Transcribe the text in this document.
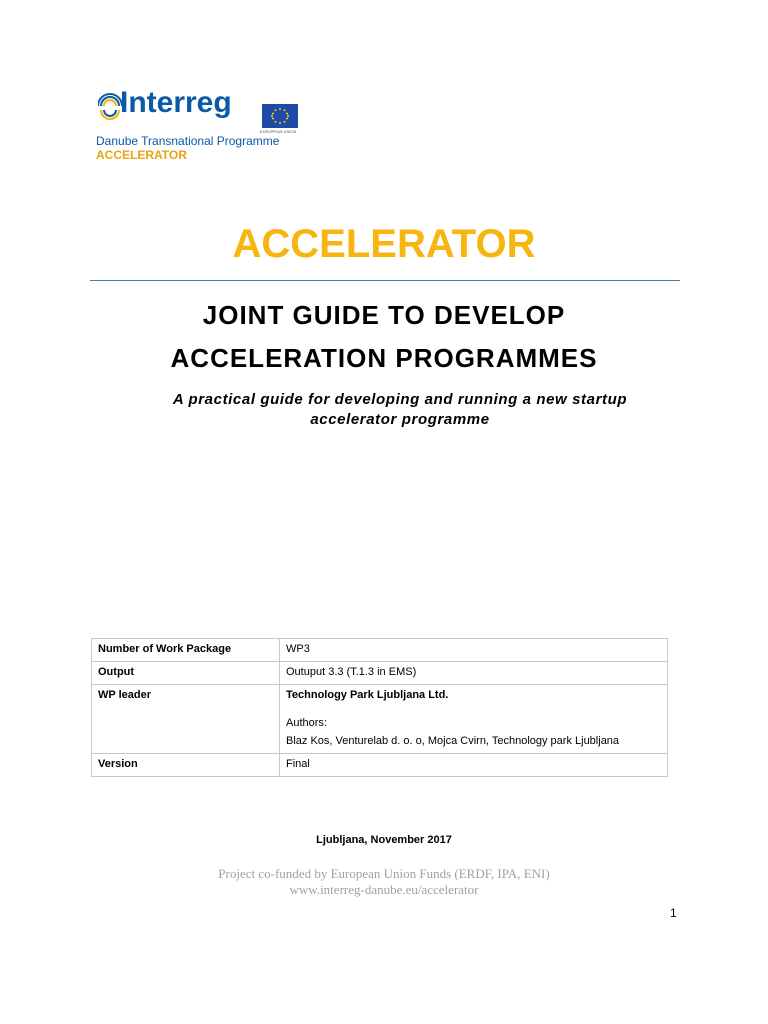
Interreg
EUROPEAN UNION
Danube Transnational Programme
ACCELERATOR
ACCELERATOR
JOINT GUIDE TO DEVELOP
ACCELERATION PROGRAMMES
A practical guide for developing and running a new startup accelerator programme
Number of Work Package	WP3
Output	Outuput 3.3 (T.1.3 in EMS)
WP leader	Technology Park Ljubljana Ltd.
Authors:
Blaz Kos, Venturelab d. o. o, Mojca Cvirn, Technology park Ljubljana

Version	Final
Ljubljana, November 2017
Project co-funded by European Union Funds (ERDF, IPA, ENI)
www.interreg-danube.eu/accelerator
1
